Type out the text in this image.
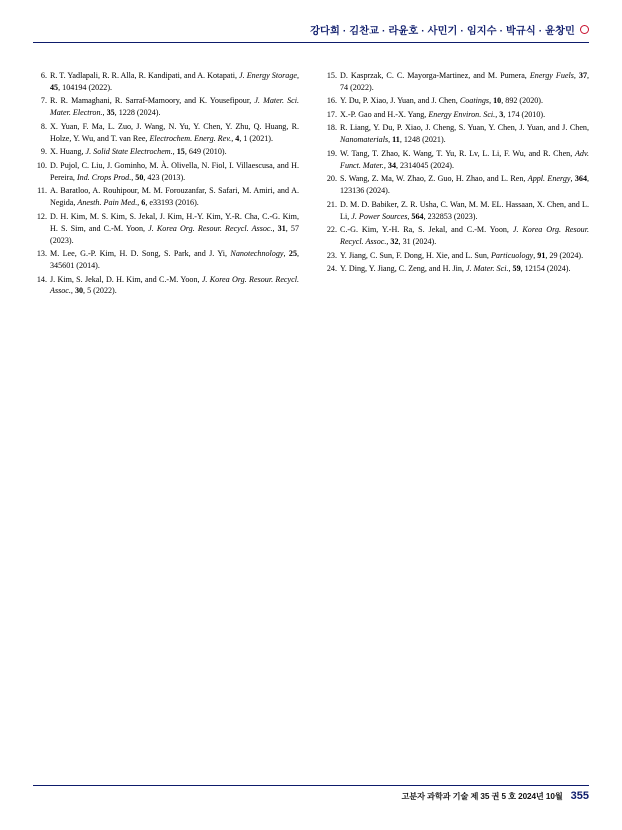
강다희 · 김찬교 · 라윤호 · 사민기 · 임지수 · 박규식 · 윤창민
6. R. T. Yadlapali, R. R. Alla, R. Kandipati, and A. Kotapati, J. Energy Storage, 45, 104194 (2022).
7. R. R. Mamaghani, R. Sarraf-Mamoory, and K. Yousefipour, J. Mater. Sci. Mater. Electron., 35, 1228 (2024).
8. X. Yuan, F. Ma, L. Zuo, J. Wang, N. Yu, Y. Chen, Y. Zhu, Q. Huang, R. Holze, Y. Wu, and T. van Ree, Electrochem. Energ. Rev., 4, 1 (2021).
9. X. Huang, J. Solid State Electrochem., 15, 649 (2010).
10. D. Pujol, C. Liu, J. Gominho, M. À. Olivella, N. Fiol, I. Villaescusa, and H. Pereira, Ind. Crops Prod., 50, 423 (2013).
11. A. Baratloo, A. Rouhipour, M. M. Forouzanfar, S. Safari, M. Amiri, and A. Negida, Anesth. Pain Med., 6, e33193 (2016).
12. D. H. Kim, M. S. Kim, S. Jekal, J. Kim, H.-Y. Kim, Y.-R. Cha, C.-G. Kim, H. S. Sim, and C.-M. Yoon, J. Korea Org. Resour. Recycl. Assoc., 31, 57 (2023).
13. M. Lee, G.-P. Kim, H. D. Song, S. Park, and J. Yi, Nanotechnology, 25, 345601 (2014).
14. J. Kim, S. Jekal, D. H. Kim, and C.-M. Yoon, J. Korea Org. Resour. Recycl. Assoc., 30, 5 (2022).
15. D. Kasprzak, C. C. Mayorga-Martinez, and M. Pumera, Energy Fuels, 37, 74 (2022).
16. Y. Du, P. Xiao, J. Yuan, and J. Chen, Coatings, 10, 892 (2020).
17. X.-P. Gao and H.-X. Yang, Energy Environ. Sci., 3, 174 (2010).
18. R. Liang, Y. Du, P. Xiao, J. Cheng, S. Yuan, Y. Chen, J. Yuan, and J. Chen, Nanomaterials, 11, 1248 (2021).
19. W. Tang, T. Zhao, K. Wang, T. Yu, R. Lv, L. Li, F. Wu, and R. Chen, Adv. Funct. Mater., 34, 2314045 (2024).
20. S. Wang, Z. Ma, W. Zhao, Z. Guo, H. Zhao, and L. Ren, Appl. Energy, 364, 123136 (2024).
21. D. M. D. Babiker, Z. R. Usha, C. Wan, M. M. EL. Hassaan, X. Chen, and L. Li, J. Power Sources, 564, 232853 (2023).
22. C.-G. Kim, Y.-H. Ra, S. Jekal, and C.-M. Yoon, J. Korea Org. Resour. Recycl. Assoc., 32, 31 (2024).
23. Y. Jiang, C. Sun, F. Dong, H. Xie, and L. Sun, Particuology, 91, 29 (2024).
24. Y. Ding, Y. Jiang, C. Zeng, and H. Jin, J. Mater. Sci., 59, 12154 (2024).
고분자 과학과 기술 제 35 권 5 호 2024년 10월 355
